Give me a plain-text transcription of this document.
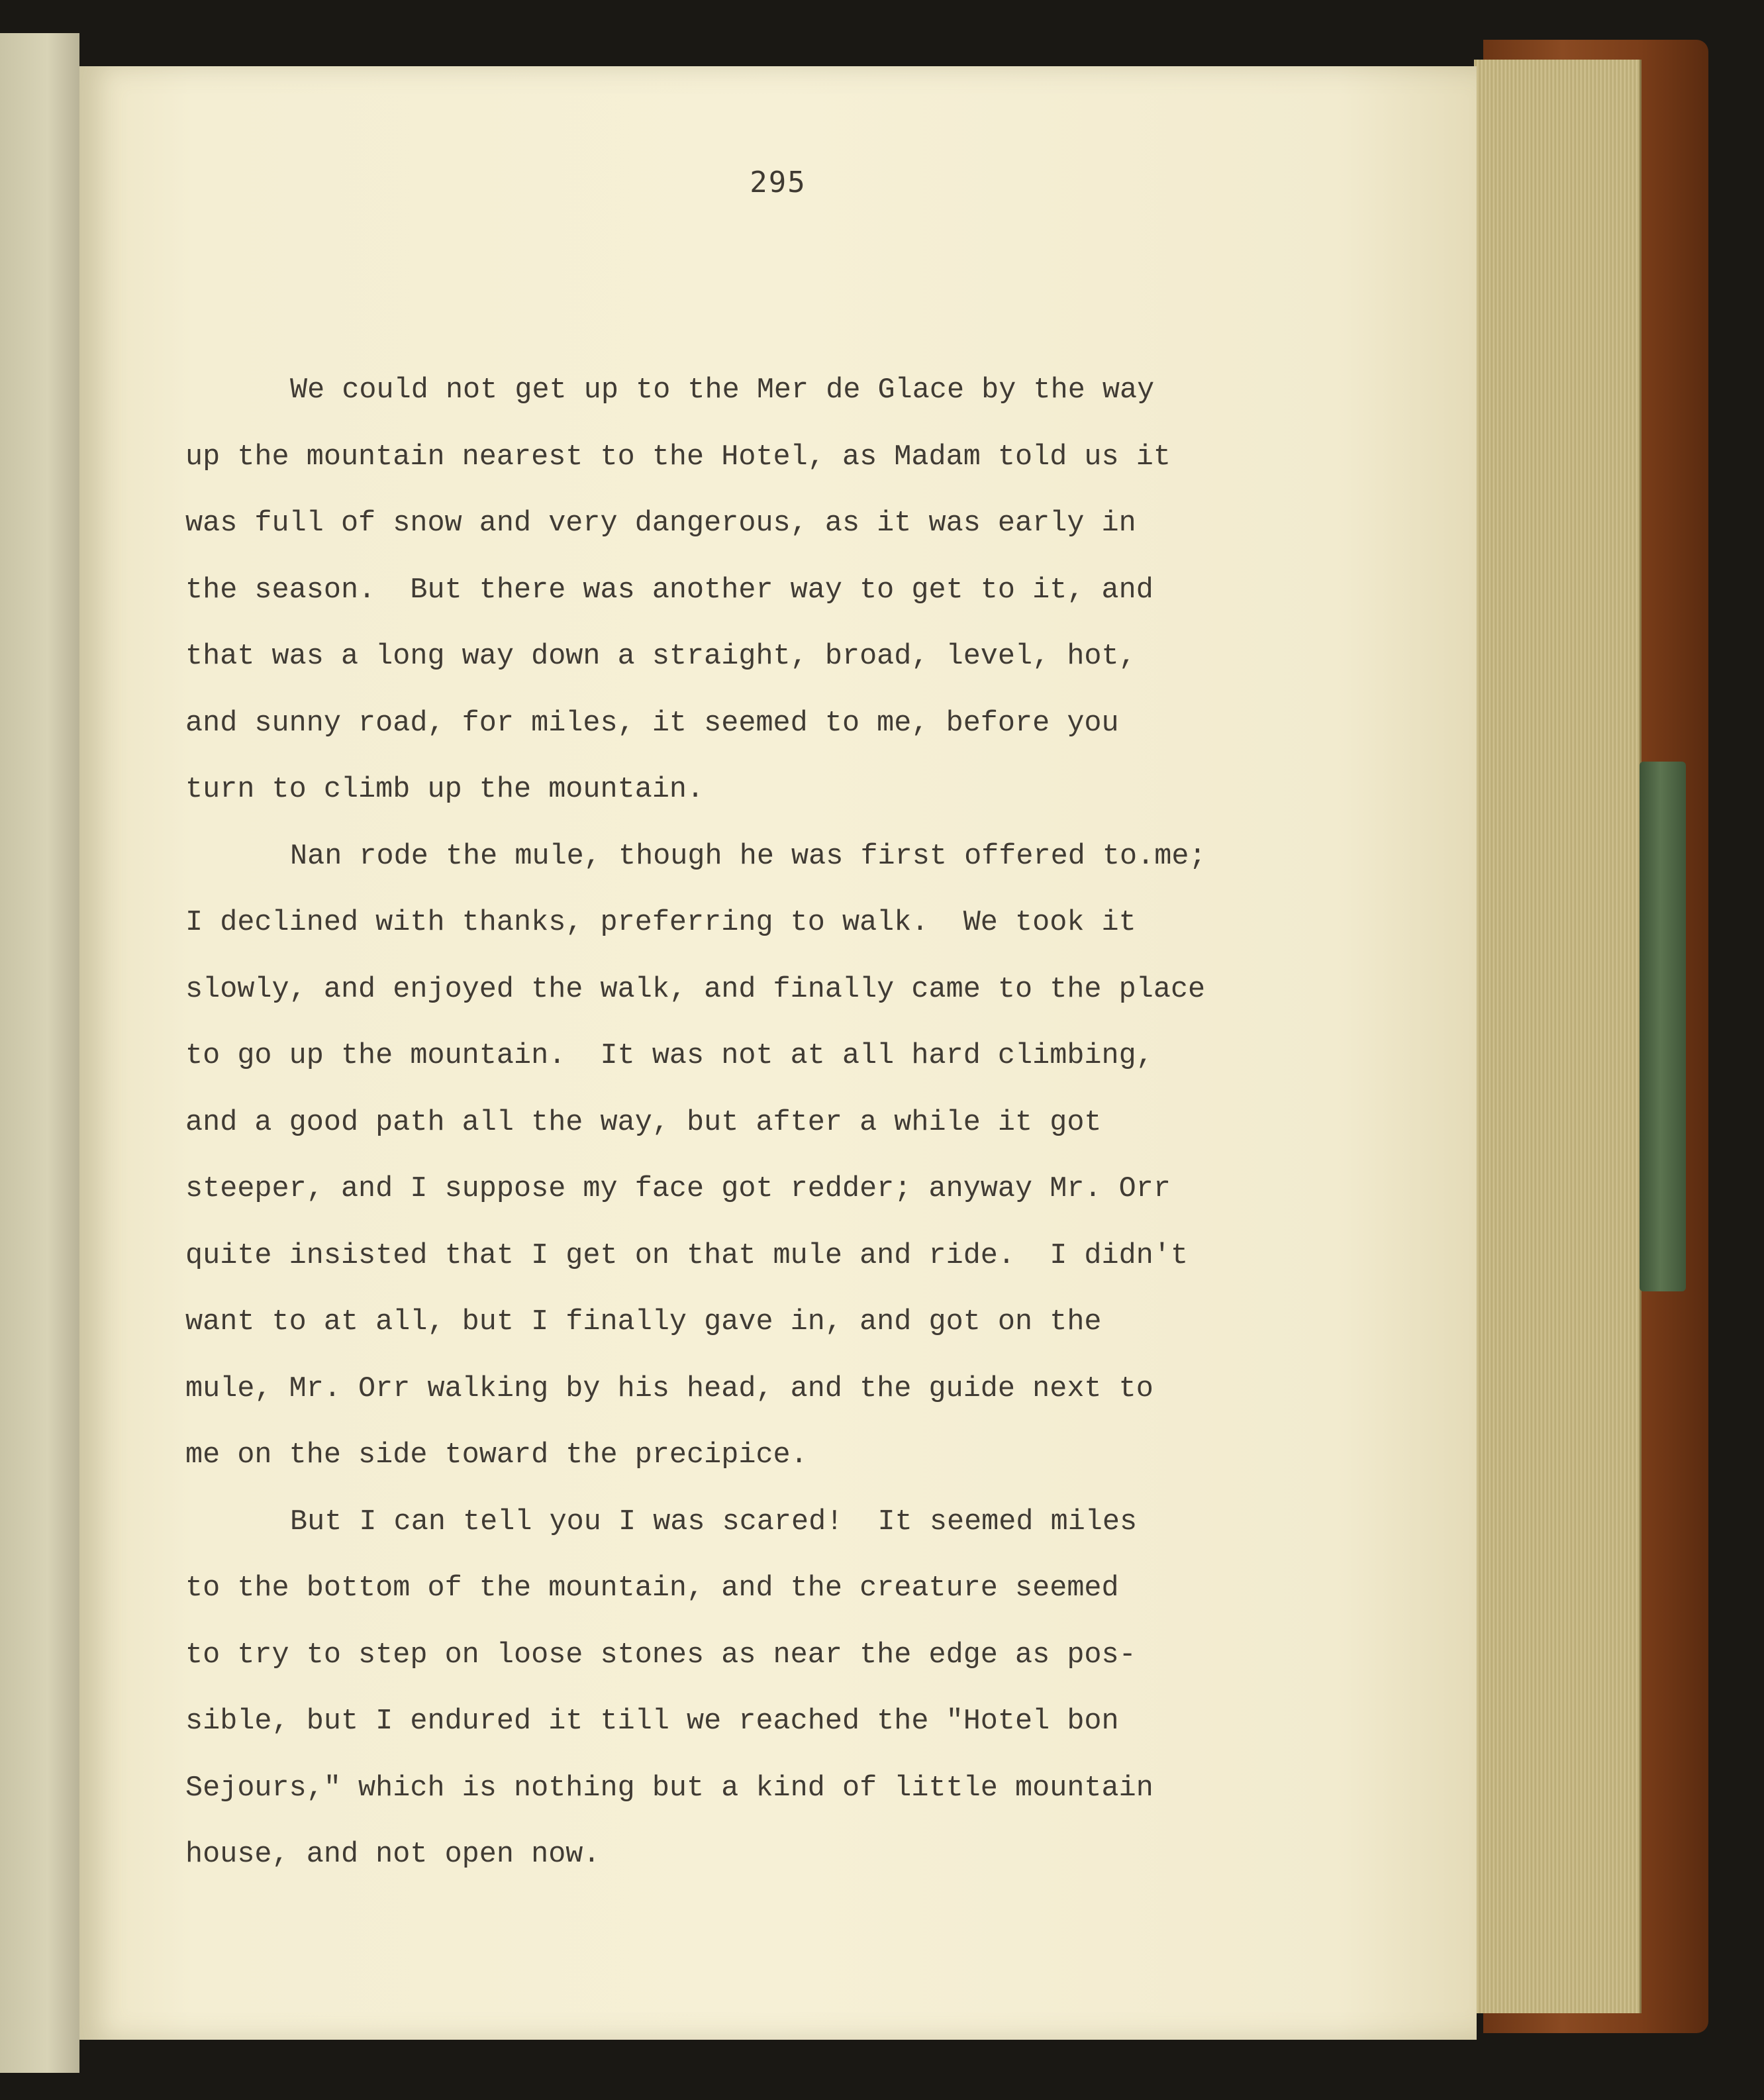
295
We could not get up to the Mer de Glace by the way
up the mountain nearest to the Hotel, as Madam told us it
was full of snow and very dangerous, as it was early in
the season.  But there was another way to get to it, and
that was a long way down a straight, broad, level, hot,
and sunny road, for miles, it seemed to me, before you
turn to climb up the mountain.
Nan rode the mule, though he was first offered to.me;
I declined with thanks, preferring to walk.  We took it
slowly, and enjoyed the walk, and finally came to the place
to go up the mountain.  It was not at all hard climbing,
and a good path all the way, but after a while it got
steeper, and I suppose my face got redder; anyway Mr. Orr
quite insisted that I get on that mule and ride.  I didn't
want to at all, but I finally gave in, and got on the
mule, Mr. Orr walking by his head, and the guide next to
me on the side toward the precipice.
But I can tell you I was scared!  It seemed miles
to the bottom of the mountain, and the creature seemed
to try to step on loose stones as near the edge as pos-
sible, but I endured it till we reached the "Hotel bon
Sejours," which is nothing but a kind of little mountain
house, and not open now.
